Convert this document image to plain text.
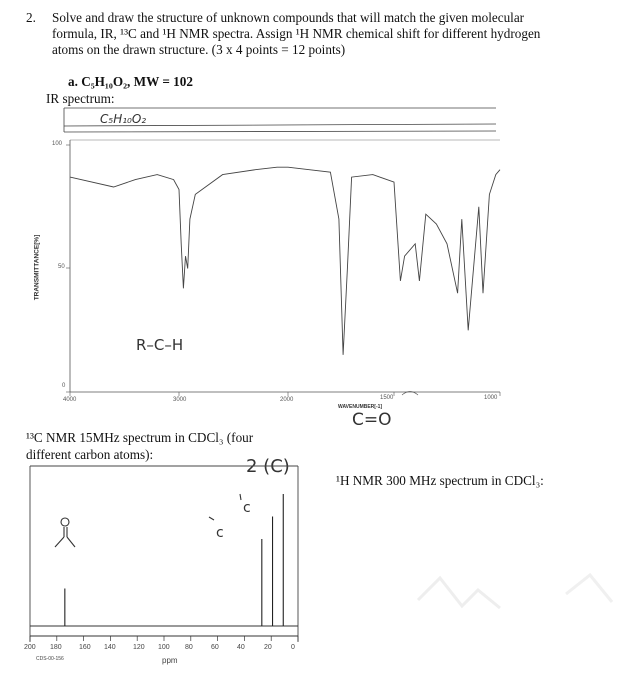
2. Solve and draw the structure of unknown compounds that will match the given molecular
formula, IR, ¹³C and ¹H NMR spectra. Assign ¹H NMR chemical shift for different hydrogen
atoms on the drawn structure. (3 x 4 points = 12 points)
a. C₅H₁₀O₂, MW = 102
IR spectrum:
C₅H₁₀O₂
100
50
0
TRANSMITTANCE[%]
4000	3000	2000	1500	1000
WAVENUMBER[-1]
R–C–H
C=O
¹³C NMR 15MHz spectrum in CDCl₃ (four
different carbon atoms):
2 (C)
¹H NMR 300 MHz spectrum in CDCl₃:
c
c
200 180 160 140 120 100 80	60	40	20	0
ppm
CDS-00-156
